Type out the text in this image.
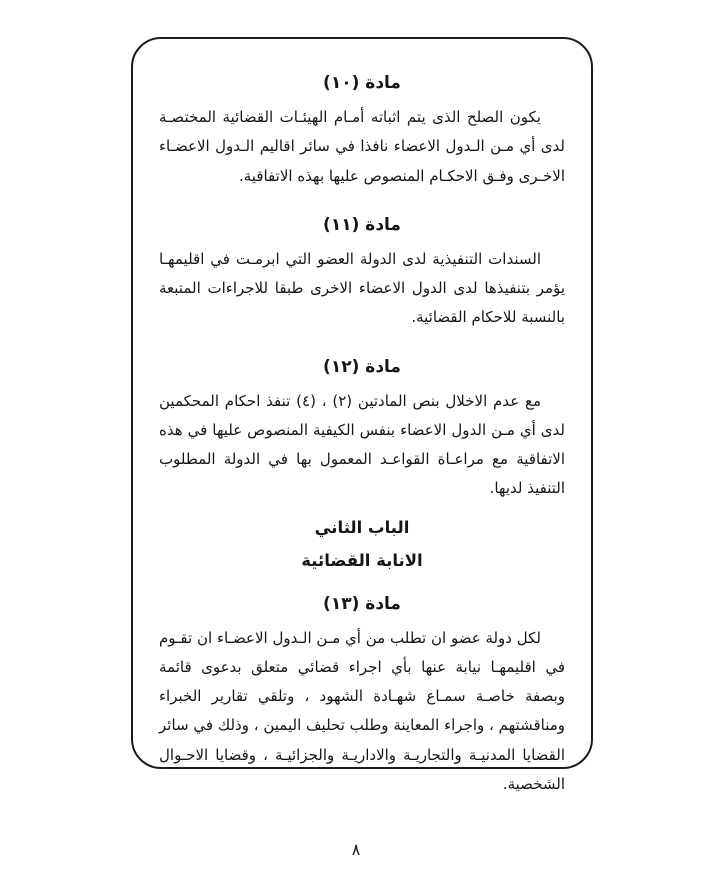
مادة (١٠)

يكون الصلح الذى يتم اثباته أمـام الهيئـات القضائية المختصـة لدى أي مـن الـدول الاعضاء نافذا في سائر اقاليم الـدول الاعضـاء الاخـرى وفـق الاحكـام المنصوص عليها بهذه الاتفاقية.

مادة (١١)

السندات التنفيذية لدى الدولة العضو التي ابرمـت في اقليمهـا يؤمر بتنفيذها لدى الدول الاعضاء الاخرى طبقا للاجراءات المتبعة بالنسبة للاحكام القضائية.

مادة (١٢)

مع عدم الاخلال بنص المادتين (٢) ، (٤) تنفذ احكام المحكمين لدى أي مـن الدول الاعضاء بنفس الكيفية المنصوص عليها في هذه الاتفاقية مع مراعـاة القواعـد المعمول بها في الدولة المطلوب التنفيذ لديها.

الباب الثاني
الانابة القضائية
مادة (١٣)

لكل دولة عضو ان تطلب من أي مـن الـدول الاعضـاء ان تقـوم في اقليمهـا نيابة عنها بأي اجراء قضائي متعلق بدعوى قائمة وبصفة خاصـة سمـاع شهـادة الشهود ، وتلقي تقارير الخبراء ومناقشتهم ، واجراء المعاينة وطلب تحليف اليمين ، وذلك في سائر القضايا المدنيـة والتجاريـة والاداريـة والجزائيـة ، وقضايا الاحـوال الشخصية.

٨
